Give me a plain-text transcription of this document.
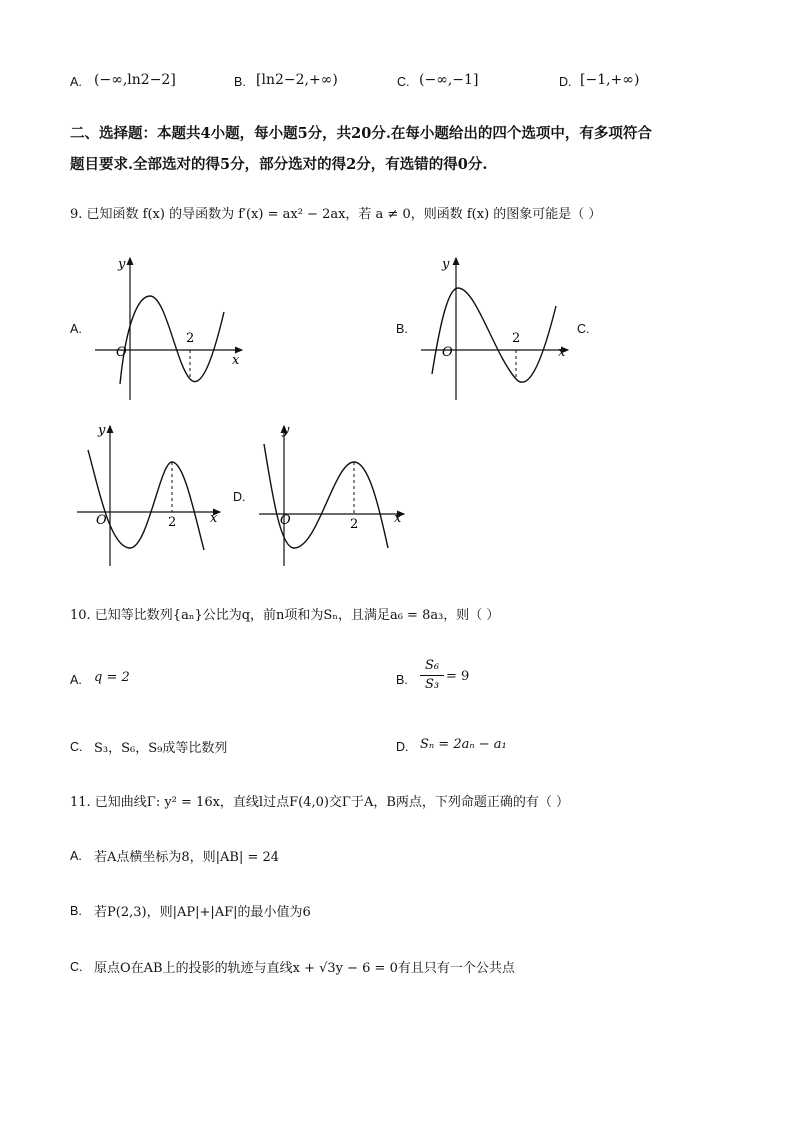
A. (−∞,ln2−2]	B. [ln2−2,+∞)	C. (−∞,−1]	D. [−1,+∞)
二、选择题：本题共4小题，每小题5分，共20分.在每小题给出的四个选项中，有多项符合
题目要求.全部选对的得5分，部分选对的得2分，有选错的得0分.
9. 已知函数 f(x) 的导函数为 f′(x) = ax² − 2ax，若 a ≠ 0，则函数 f(x) 的图象可能是（ ）
A.
y
x
O
2
B.
y
x
O
2
C.
y
x
O	2
D.
y
x
O	2
10. 已知等比数列{aₙ}公比为q，前n项和为Sₙ，且满足a₆ = 8a₃，则（ ）
A. q = 2	B.
S₆
S₃
= 9
C. S₃，S₆，S₉成等比数列	D. Sₙ = 2aₙ − a₁
11. 已知曲线Γ: y² = 16x，直线l过点F(4,0)交Γ于A，B两点，下列命题正确的有（ ）
A. 若A点横坐标为8，则|AB| = 24
B. 若P(2,3)，则|AP|+|AF|的最小值为6
C. 原点O在AB上的投影的轨迹与直线x + √3y − 6 = 0有且只有一个公共点
